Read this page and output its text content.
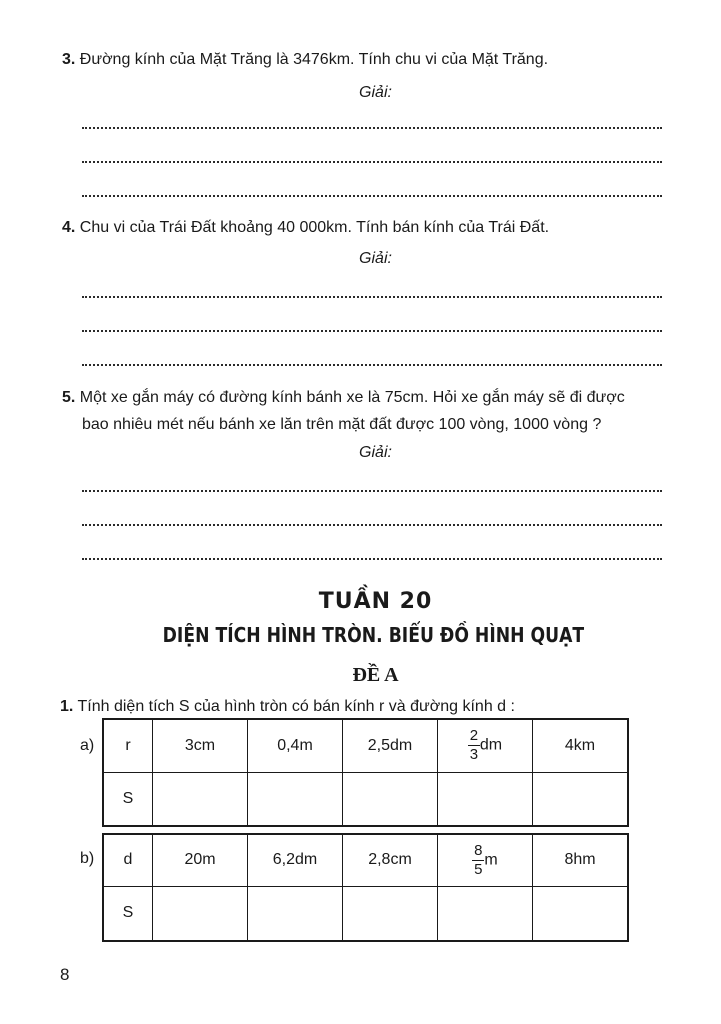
3. Đường kính của Mặt Trăng là 3476km. Tính chu vi của Mặt Trăng.
Giải:
4. Chu vi của Trái Đất khoảng 40 000km. Tính bán kính của Trái Đất.
Giải:
5. Một xe gắn máy có đường kính bánh xe là 75cm. Hỏi xe gắn máy sẽ đi được
bao nhiêu mét nếu bánh xe lăn trên mặt đất được 100 vòng, 1000 vòng ?
Giải:
TUẦN 20
DIỆN TÍCH HÌNH TRÒN. BIỂU ĐỒ HÌNH QUẠT
ĐỀ A
1. Tính diện tích S của hình tròn có bán kính r và đường kính d :
a) r	3cm	0,4m	2,5dm	$\frac{2}{3}$ dm	4km
S					
b) d	20m	6,2dm	2,8cm	$\frac{8}{5}$ m	8hm
S					
8
